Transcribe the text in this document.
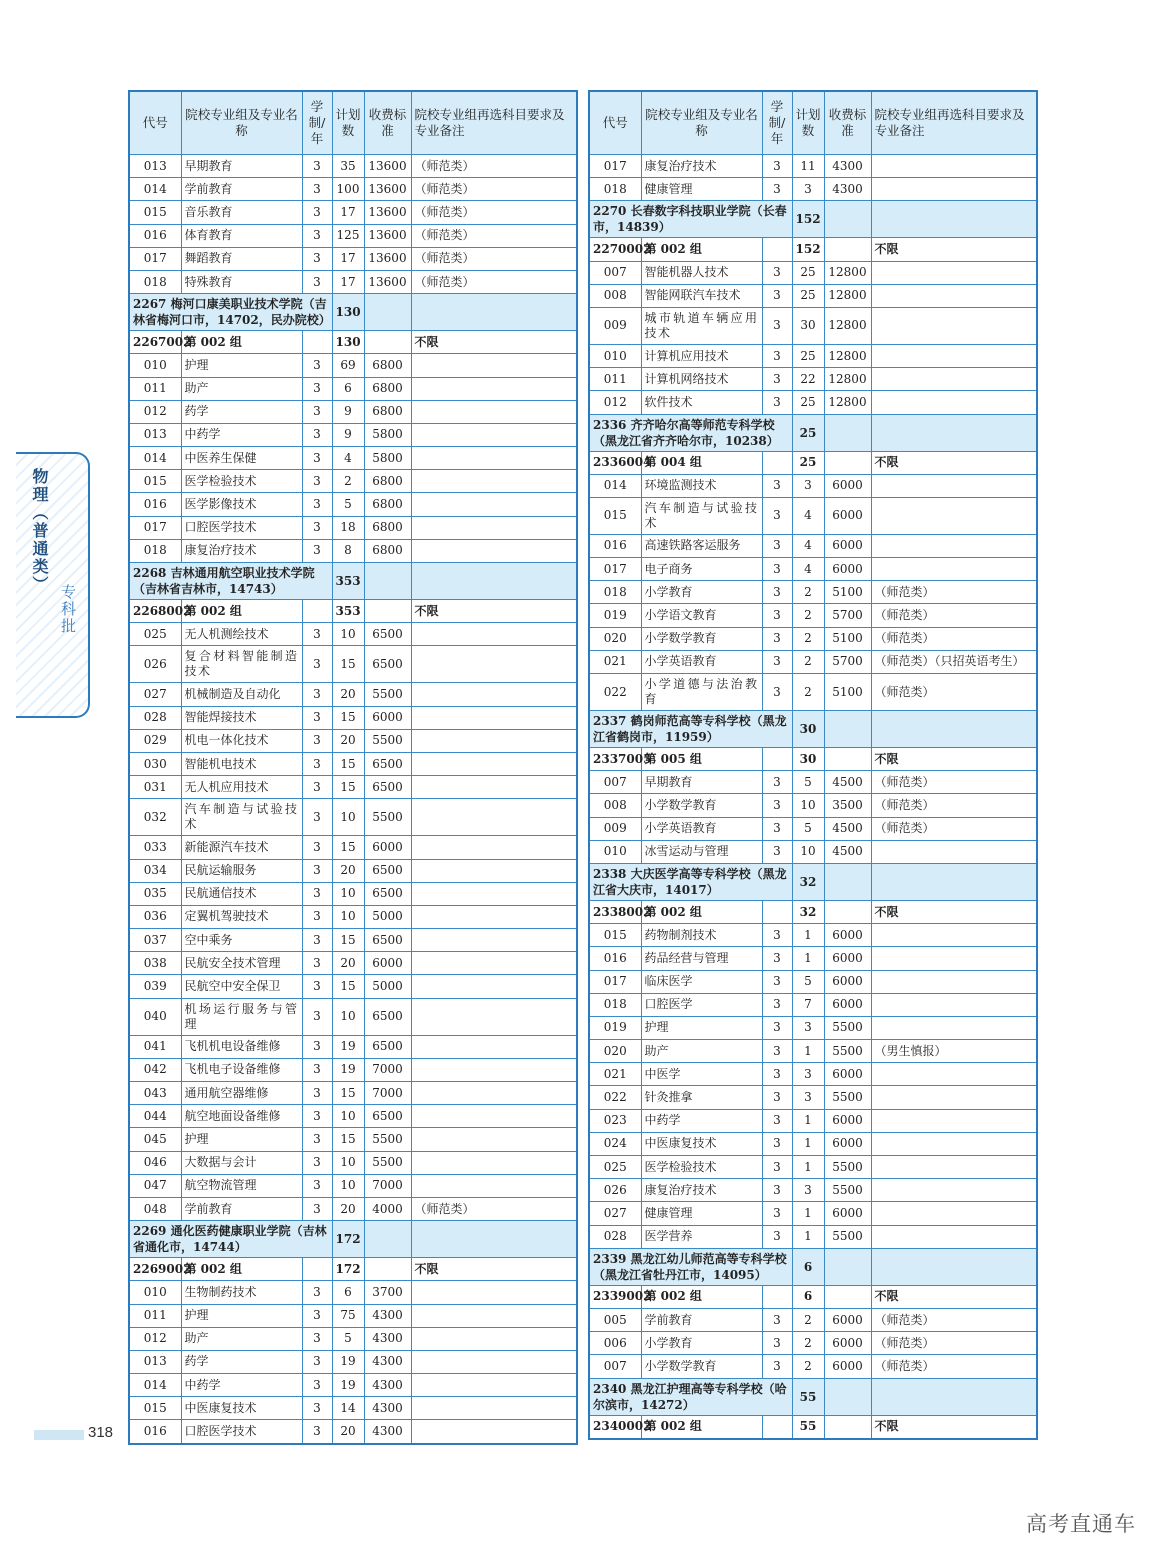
物理（普通类）
专科批
代号	院校专业组及专业名称	学制/年	计划数	收费标准	院校专业组再选科目要求及专业备注
013	早期教育	3	35	13600	（师范类）
014	学前教育	3	100	13600	（师范类）
015	音乐教育	3	17	13600	（师范类）
016	体育教育	3	125	13600	（师范类）
017	舞蹈教育	3	17	13600	（师范类）
018	特殊教育	3	17	13600	（师范类）
2267 梅河口康美职业技术学院（吉林省梅河口市，14702，民办院校）			130		
2267002	第 002 组		130		不限
010	护理	3	69	6800	
011	助产	3	6	6800	
012	药学	3	9	6800	
013	中药学	3	9	5800	
014	中医养生保健	3	4	5800	
015	医学检验技术	3	2	6800	
016	医学影像技术	3	5	6800	
017	口腔医学技术	3	18	6800	
018	康复治疗技术	3	8	6800	
2268 吉林通用航空职业技术学院（吉林省吉林市，14743）			353		
2268002	第 002 组		353		不限
025	无人机测绘技术	3	10	6500	
026	复合材料智能制造技术	3	15	6500	
027	机械制造及自动化	3	20	5500	
028	智能焊接技术	3	15	6000	
029	机电一体化技术	3	20	5500	
030	智能机电技术	3	15	6500	
031	无人机应用技术	3	15	6500	
032	汽车制造与试验技术	3	10	5500	
033	新能源汽车技术	3	15	6000	
034	民航运输服务	3	20	6500	
035	民航通信技术	3	10	6500	
036	定翼机驾驶技术	3	10	5000	
037	空中乘务	3	15	6500	
038	民航安全技术管理	3	20	6000	
039	民航空中安全保卫	3	15	5000	
040	机场运行服务与管理	3	10	6500	
041	飞机机电设备维修	3	19	6500	
042	飞机电子设备维修	3	19	7000	
043	通用航空器维修	3	15	7000	
044	航空地面设备维修	3	10	6500	
045	护理	3	15	5500	
046	大数据与会计	3	10	5500	
047	航空物流管理	3	10	7000	
048	学前教育	3	20	4000	（师范类）
2269 通化医药健康职业学院（吉林省通化市，14744）			172		
2269002	第 002 组		172		不限
010	生物制药技术	3	6	3700	
011	护理	3	75	4300	
012	助产	3	5	4300	
013	药学	3	19	4300	
014	中药学	3	19	4300	
015	中医康复技术	3	14	4300	
016	口腔医学技术	3	20	4300	
代号	院校专业组及专业名称	学制/年	计划数	收费标准	院校专业组再选科目要求及专业备注
017	康复治疗技术	3	11	4300	
018	健康管理	3	3	4300	
2270 长春数字科技职业学院（长春市，14839）			152		
2270002	第 002 组		152		不限
007	智能机器人技术	3	25	12800	
008	智能网联汽车技术	3	25	12800	
009	城市轨道车辆应用技术	3	30	12800	
010	计算机应用技术	3	25	12800	
011	计算机网络技术	3	22	12800	
012	软件技术	3	25	12800	
2336 齐齐哈尔高等师范专科学校（黑龙江省齐齐哈尔市，10238）			25		
2336004	第 004 组		25		不限
014	环境监测技术	3	3	6000	
015	汽车制造与试验技术	3	4	6000	
016	高速铁路客运服务	3	4	6000	
017	电子商务	3	4	6000	
018	小学教育	3	2	5100	（师范类）
019	小学语文教育	3	2	5700	（师范类）
020	小学数学教育	3	2	5100	（师范类）
021	小学英语教育	3	2	5700	（师范类）（只招英语考生）
022	小学道德与法治教育	3	2	5100	（师范类）
2337 鹤岗师范高等专科学校（黑龙江省鹤岗市，11959）			30		
2337005	第 005 组		30		不限
007	早期教育	3	5	4500	（师范类）
008	小学数学教育	3	10	3500	（师范类）
009	小学英语教育	3	5	4500	（师范类）
010	冰雪运动与管理	3	10	4500	
2338 大庆医学高等专科学校（黑龙江省大庆市，14017）			32		
2338002	第 002 组		32		不限
015	药物制剂技术	3	1	6000	
016	药品经营与管理	3	1	6000	
017	临床医学	3	5	6000	
018	口腔医学	3	7	6000	
019	护理	3	3	5500	
020	助产	3	1	5500	（男生慎报）
021	中医学	3	3	6000	
022	针灸推拿	3	3	5500	
023	中药学	3	1	6000	
024	中医康复技术	3	1	6000	
025	医学检验技术	3	1	5500	
026	康复治疗技术	3	3	5500	
027	健康管理	3	1	6000	
028	医学营养	3	1	5500	
2339 黑龙江幼儿师范高等专科学校（黑龙江省牡丹江市，14095）			6		
2339002	第 002 组		6		不限
005	学前教育	3	2	6000	（师范类）
006	小学教育	3	2	6000	（师范类）
007	小学数学教育	3	2	6000	（师范类）
2340 黑龙江护理高等专科学校（哈尔滨市，14272）			55		
2340002	第 002 组		55		不限
318
高考直通车
